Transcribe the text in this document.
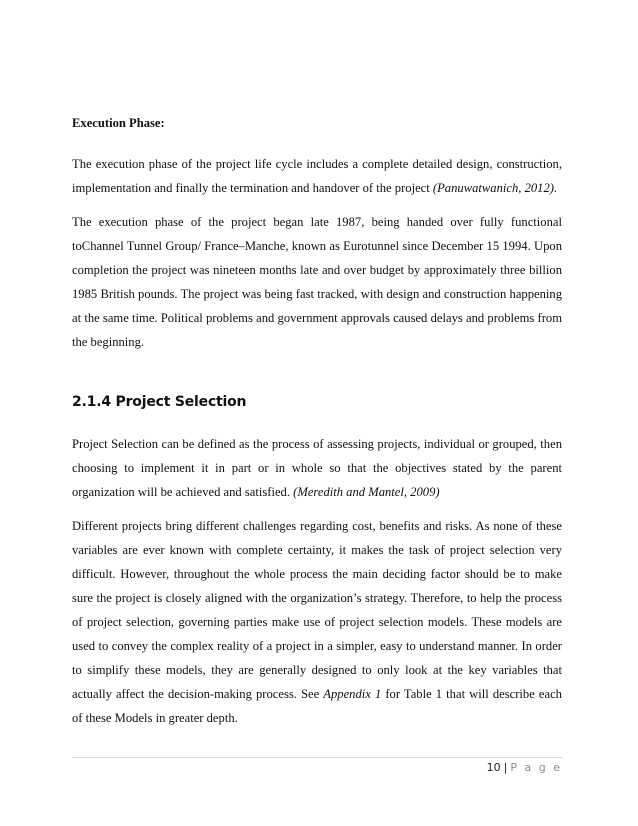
Execution Phase:

The execution phase of the project life cycle includes a complete detailed design, construction, implementation and finally the termination and handover of the project (Panuwatwanich, 2012).

The execution phase of the project began late 1987, being handed over fully functional toChannel Tunnel Group/ France–Manche, known as Eurotunnel since December 15 1994. Upon completion the project was nineteen months late and over budget by approximately three billion 1985 British pounds. The project was being fast tracked, with design and construction happening at the same time. Political problems and government approvals caused delays and problems from the beginning.

2.1.4 Project Selection

Project Selection can be defined as the process of assessing projects, individual or grouped, then choosing to implement it in part or in whole so that the objectives stated by the parent organization will be achieved and satisfied. (Meredith and Mantel, 2009)

Different projects bring different challenges regarding cost, benefits and risks. As none of these variables are ever known with complete certainty, it makes the task of project selection very difficult. However, throughout the whole process the main deciding factor should be to make sure the project is closely aligned with the organization’s strategy. Therefore, to help the process of project selection, governing parties make use of project selection models. These models are used to convey the complex reality of a project in a simpler, easy to understand manner. In order to simplify these models, they are generally designed to only look at the key variables that actually affect the decision-making process. See Appendix 1 for Table 1 that will describe each of these Models in greater depth.

10 | P a g e
